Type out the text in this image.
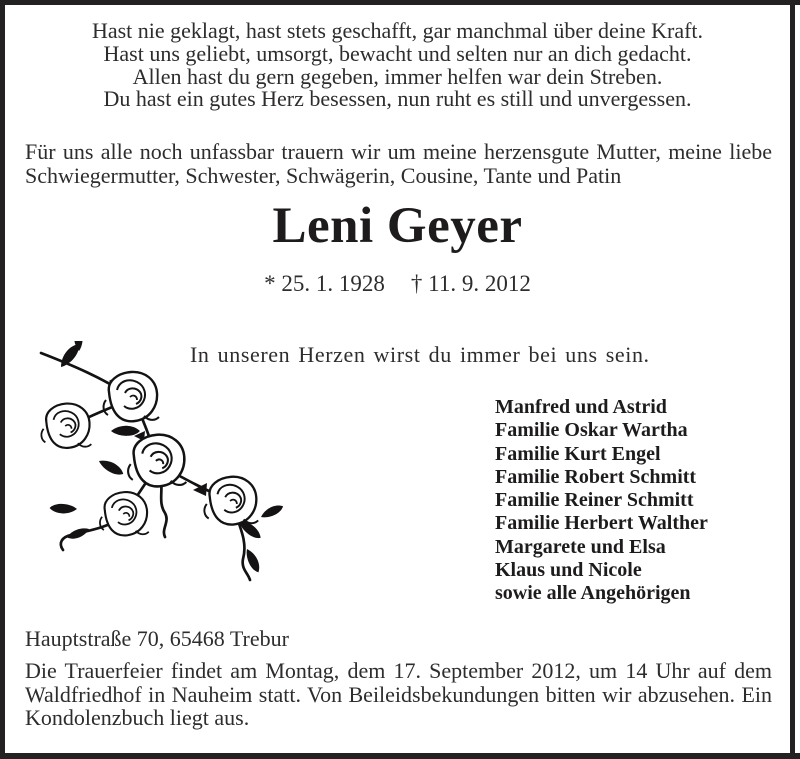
Hast nie geklagt, hast stets geschafft, gar manchmal über deine Kraft.
Hast uns geliebt, umsorgt, bewacht und selten nur an dich gedacht.
Allen hast du gern gegeben, immer helfen war dein Streben.
Du hast ein gutes Herz besessen, nun ruht es still und unvergessen.

Für uns alle noch unfassbar trauern wir um meine herzensgute Mutter, meine liebe Schwiegermutter, Schwester, Schwägerin, Cousine, Tante und Patin

Leni Geyer
* 25. 1. 1928 † 11. 9. 2012
In unseren Herzen wirst du immer bei uns sein.
Manfred und Astrid
Familie Oskar Wartha
Familie Kurt Engel
Familie Robert Schmitt
Familie Reiner Schmitt
Familie Herbert Walther
Margarete und Elsa
Klaus und Nicole
sowie alle Angehörigen
Hauptstraße 70, 65468 Trebur

Die Trauerfeier findet am Montag, dem 17. September 2012, um 14 Uhr auf dem Waldfriedhof in Nauheim statt. Von Beileidsbekundungen bitten wir abzusehen. Ein Kondolenzbuch liegt aus.
